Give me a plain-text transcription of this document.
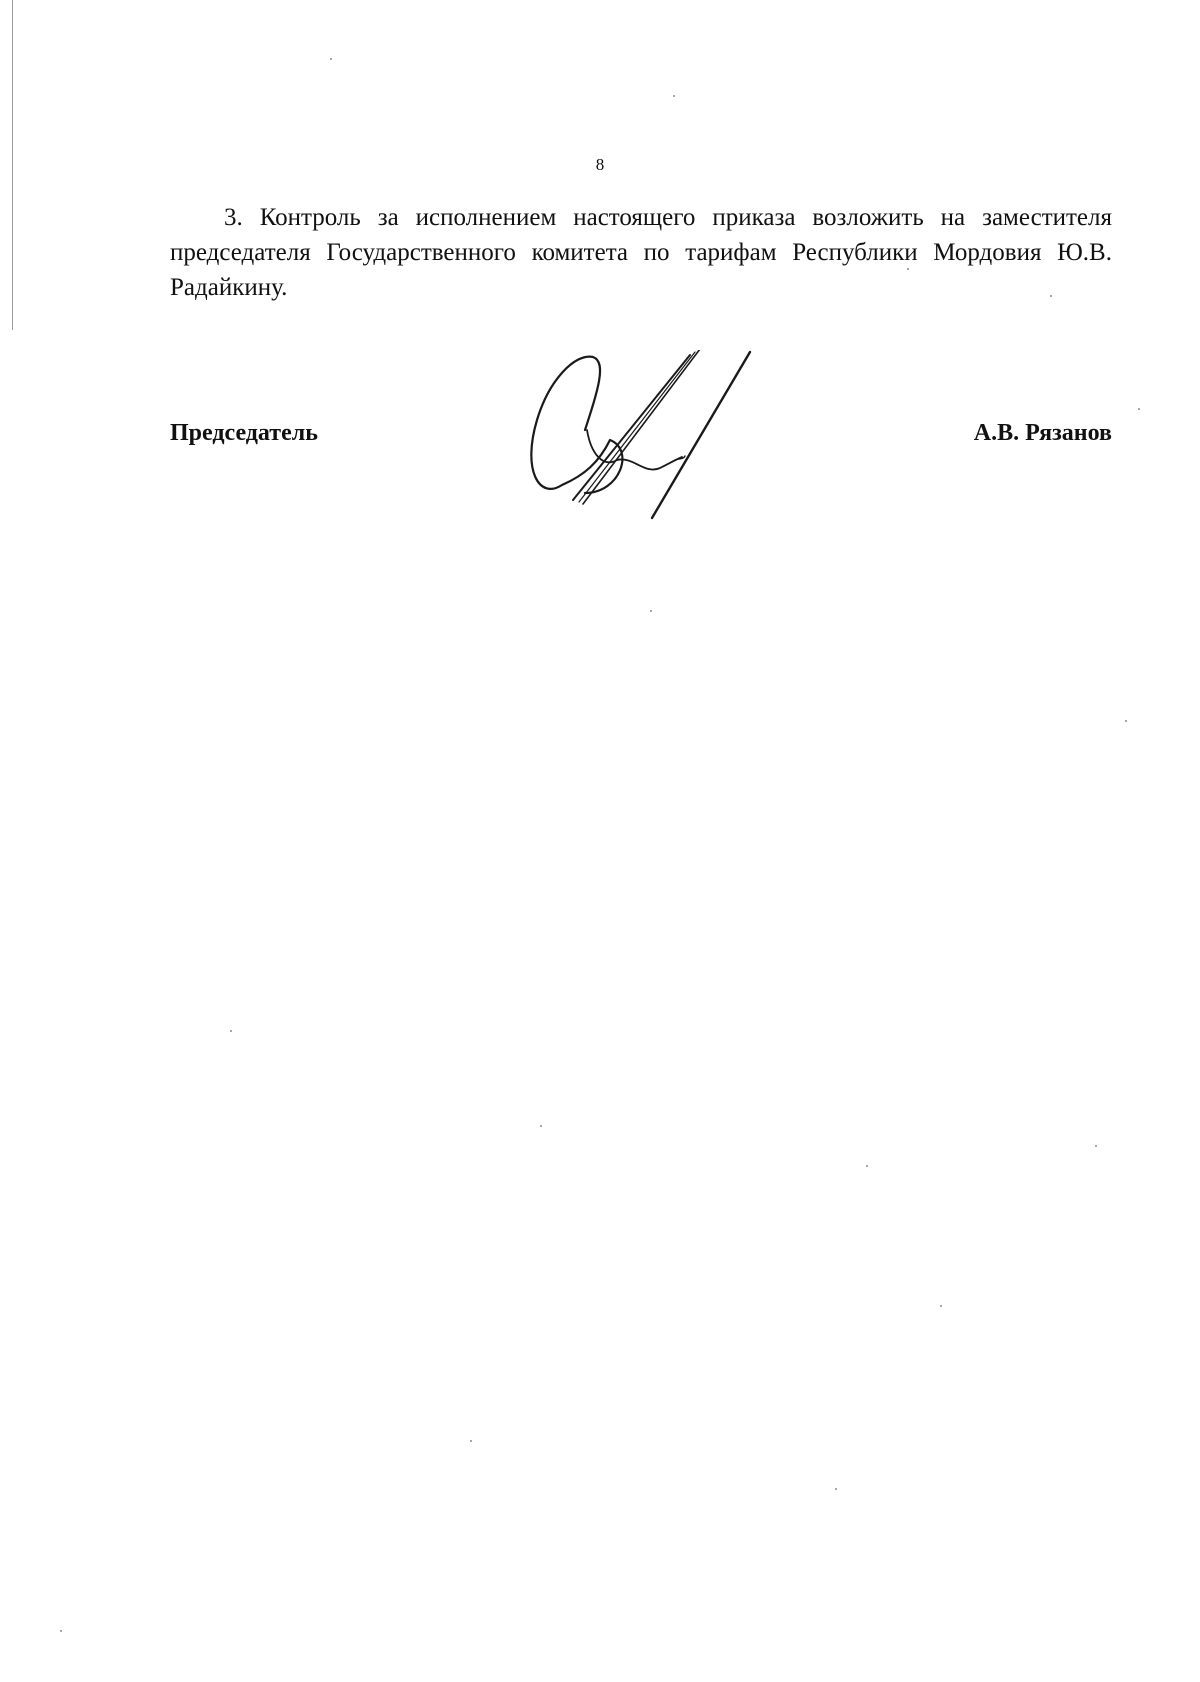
8

3. Контроль за исполнением настоящего приказа возложить на заместителя председателя Государственного комитета по тарифам Республики Мордовия Ю.В. Радайкину.

Председатель	А.В. Рязанов
